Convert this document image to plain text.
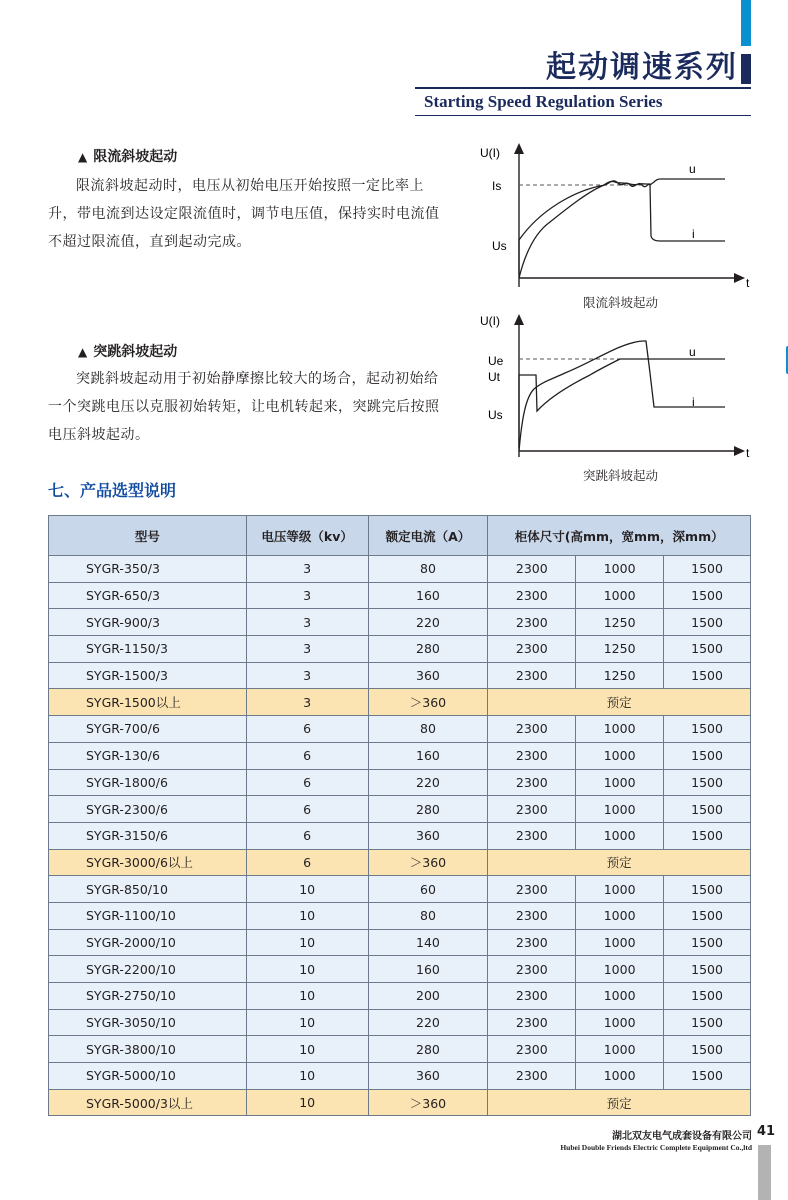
起动调速系列
Starting Speed Regulation Series
▲ 限流斜坡起动
限流斜坡起动时，电压从初始电压开始按照一定比率上升，带电流到达设定限流值时，调节电压值，保持实时电流值不超过限流值，直到起动完成。
U(I)
t
Is
Us
u
i
限流斜坡起动
▲ 突跳斜坡起动
突跳斜坡起动用于初始静摩擦比较大的场合，起动初始给一个突跳电压以克服初始转矩，让电机转起来，突跳完后按照电压斜坡起动。
U(I)
t
Ue
Ut
Us
u
i
突跳斜坡起动
七、产品选型说明
型号	电压等级（kv）	额定电流（A）	柜体尺寸(高mm，宽mm，深mm）		
SYGR-350/3	3	80	2300	1000	1500
SYGR-650/3	3	160	2300	1000	1500
SYGR-900/3	3	220	2300	1250	1500
SYGR-1150/3	3	280	2300	1250	1500
SYGR-1500/3	3	360	2300	1250	1500
SYGR-1500以上	3	＞360	预定		
SYGR-700/6	6	80	2300	1000	1500
SYGR-130/6	6	160	2300	1000	1500
SYGR-1800/6	6	220	2300	1000	1500
SYGR-2300/6	6	280	2300	1000	1500
SYGR-3150/6	6	360	2300	1000	1500
SYGR-3000/6以上	6	＞360	预定		
SYGR-850/10	10	60	2300	1000	1500
SYGR-1100/10	10	80	2300	1000	1500
SYGR-2000/10	10	140	2300	1000	1500
SYGR-2200/10	10	160	2300	1000	1500
SYGR-2750/10	10	200	2300	1000	1500
SYGR-3050/10	10	220	2300	1000	1500
SYGR-3800/10	10	280	2300	1000	1500
SYGR-5000/10	10	360	2300	1000	1500
SYGR-5000/3以上	10	＞360	预定		
湖北双友电气成套设备有限公司
Hubei Double Friends Electric Complete Equipment Co.,ltd
41
